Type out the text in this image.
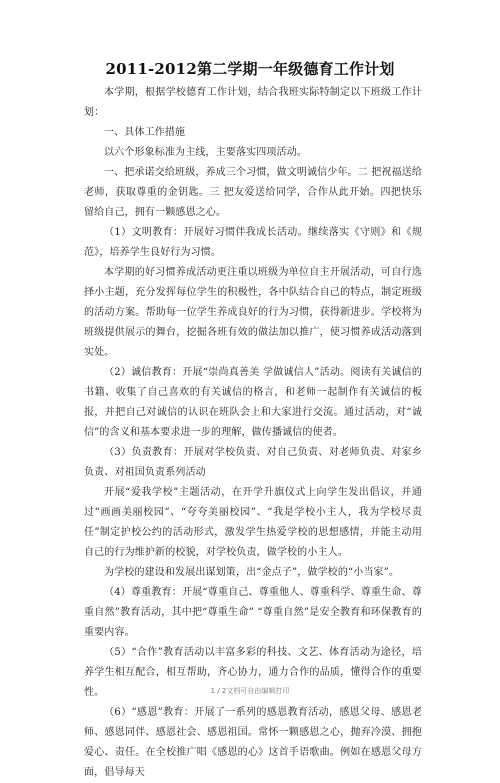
2011-2012第二学期一年级德育工作计划

本学期，根据学校德育工作计划，结合我班实际特制定以下班级工作计划：

一、具体工作措施

以六个形象标准为主线，主要落实四项活动。

一、把承诺交给班级，养成三个习惯，做文明诚信少年。二 把祝福送给老师，获取尊重的金钥匙。三 把友爱送给同学，合作从此开始。四把快乐留给自己，拥有一颗感恩之心。

（1）文明教育：开展好习惯伴我成长活动。继续落实《守则》和《规范》，培养学生良好行为习惯。

本学期的好习惯养成活动更注重以班级为单位自主开展活动，可自行选择小主题，充分发挥每位学生的积极性，各中队结合自己的特点，制定班级的活动方案。帮助每一位学生养成良好的行为习惯，获得新进步。学校将为班级提供展示的舞台，挖掘各班有效的做法加以推广，使习惯养成活动落到实处。

（2）诚信教育：开展“崇尚真善美 学做诚信人”活动。阅读有关诚信的书籍、收集了自己喜欢的有关诚信的格言，和老师一起制作有关诚信的板报，并把自己对诚信的认识在班队会上和大家进行交流。通过活动，对“诚信”的含义和基本要求进一步的理解，做传播诚信的使者。

（3）负责教育：开展对学校负责、对自己负责、对老师负责、对家乡负责、对祖国负责系列活动

开展“爱我学校”主题活动，在开学升旗仪式上向学生发出倡议，并通过“画画美丽校园”、“夸夸美丽校园”、“我是学校小主人，我为学校尽责任”制定护校公约的活动形式，激发学生热爱学校的思想感情，并能主动用自己的行为维护新的校貌，对学校负责，做学校的小主人。

为学校的建设和发展出谋划策，出“金点子”，做学校的“小当家”。

（4）尊重教育：开展“尊重自己、尊重他人、尊重科学、尊重生命、尊重自然”教育活动，其中把“尊重生命” “尊重自然”是安全教育和环保教育的重要内容。

（5）“合作”教育活动以丰富多彩的科技、文艺、体育活动为途径，培养学生相互配合，相互帮助，齐心协力，通力合作的品质，懂得合作的重要性。

（6）“感恩”教育：开展了一系列的感恩教育活动，感恩父母、感恩老师、感恩同伴、感恩社会、感恩祖国。常怀一颗感恩之心，抛弃冷漠、拥抱爱心、责任。在全校推广唱《感恩的心》这首手语歌曲。例如在感恩父母方面，倡导每天

1 / 2文档可自由编辑打印
